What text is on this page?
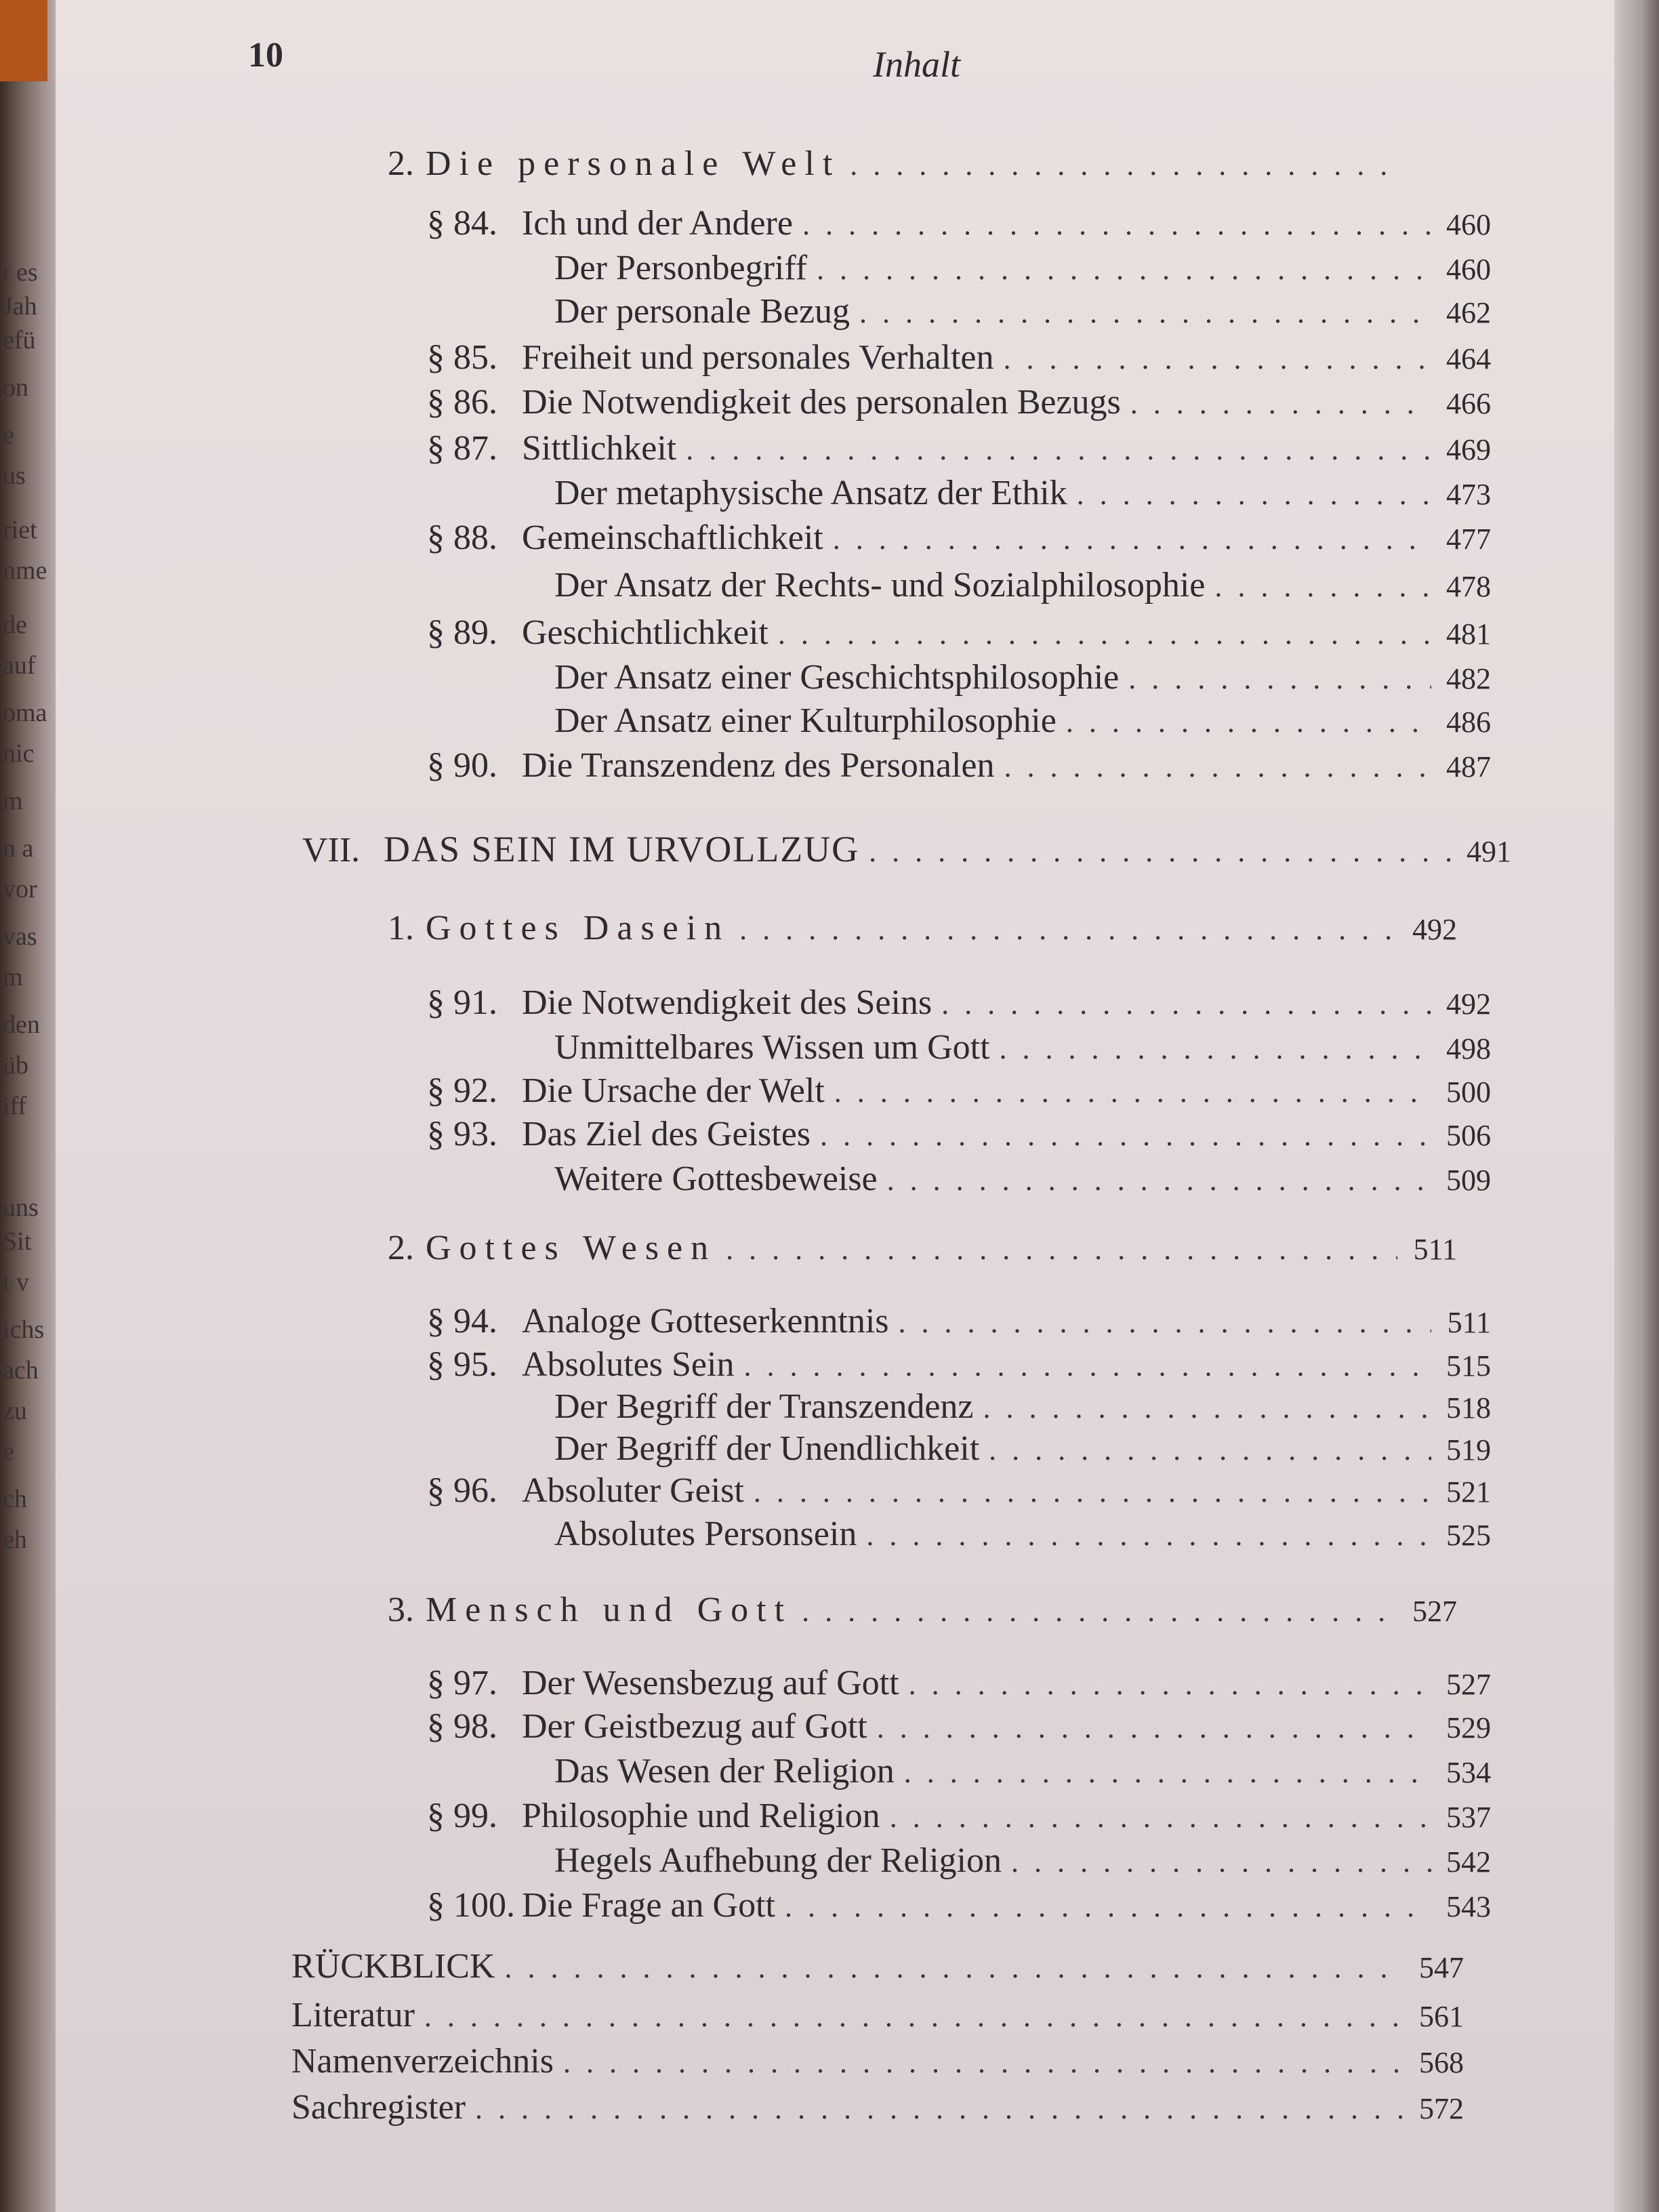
t es
Jah
efü
on
e
us
riet
nme
de
auf
oma
nic
m
n a
vor
vas
m
den
üb
iff
uns
Sit
t v
ichs
ach
zu
e
ch
eh
10	Inhalt
2. Die personale Welt
. . .
§ 84. Ich und der Andere . . .	460
Der Personbegriff . . .	460
Der personale Bezug . . .	462
§ 85. Freiheit und personales Verhalten . . .	464
§ 86. Die Notwendigkeit des personalen Bezugs . . .	466
§ 87. Sittlichkeit . . .	469
Der metaphysische Ansatz der Ethik . . .	473
§ 88. Gemeinschaftlichkeit . . .	477
Der Ansatz der Rechts- und Sozialphilosophie . . .	478
§ 89. Geschichtlichkeit . . .	481
Der Ansatz einer Geschichtsphilosophie . . .	482
Der Ansatz einer Kulturphilosophie . . .	486
§ 90. Die Transzendenz des Personalen . . .	487
VII. DAS SEIN IM URVOLLZUG . . .	491
1. Gottes Dasein . . .	492
§ 91. Die Notwendigkeit des Seins . . .	492
Unmittelbares Wissen um Gott . . .	498
§ 92. Die Ursache der Welt . . .	500
§ 93. Das Ziel des Geistes . . .	506
Weitere Gottesbeweise . . .	509
2. Gottes Wesen . . .	511
§ 94. Analoge Gotteserkenntnis . . .	511
§ 95. Absolutes Sein . . .	515
Der Begriff der Transzendenz . . .	518
Der Begriff der Unendlichkeit . . .	519
§ 96. Absoluter Geist . . .	521
Absolutes Personsein . . .	525
3. Mensch und Gott . . .	527
§ 97. Der Wesensbezug auf Gott . . .	527
§ 98. Der Geistbezug auf Gott . . .	529
Das Wesen der Religion . . .	534
§ 99. Philosophie und Religion . . .	537
Hegels Aufhebung der Religion . . .	542
§ 100. Die Frage an Gott . . .	543
RÜCKBLICK . . .	547
Literatur . . .	561
Namenverzeichnis . . .	568
Sachregister . . .	572
